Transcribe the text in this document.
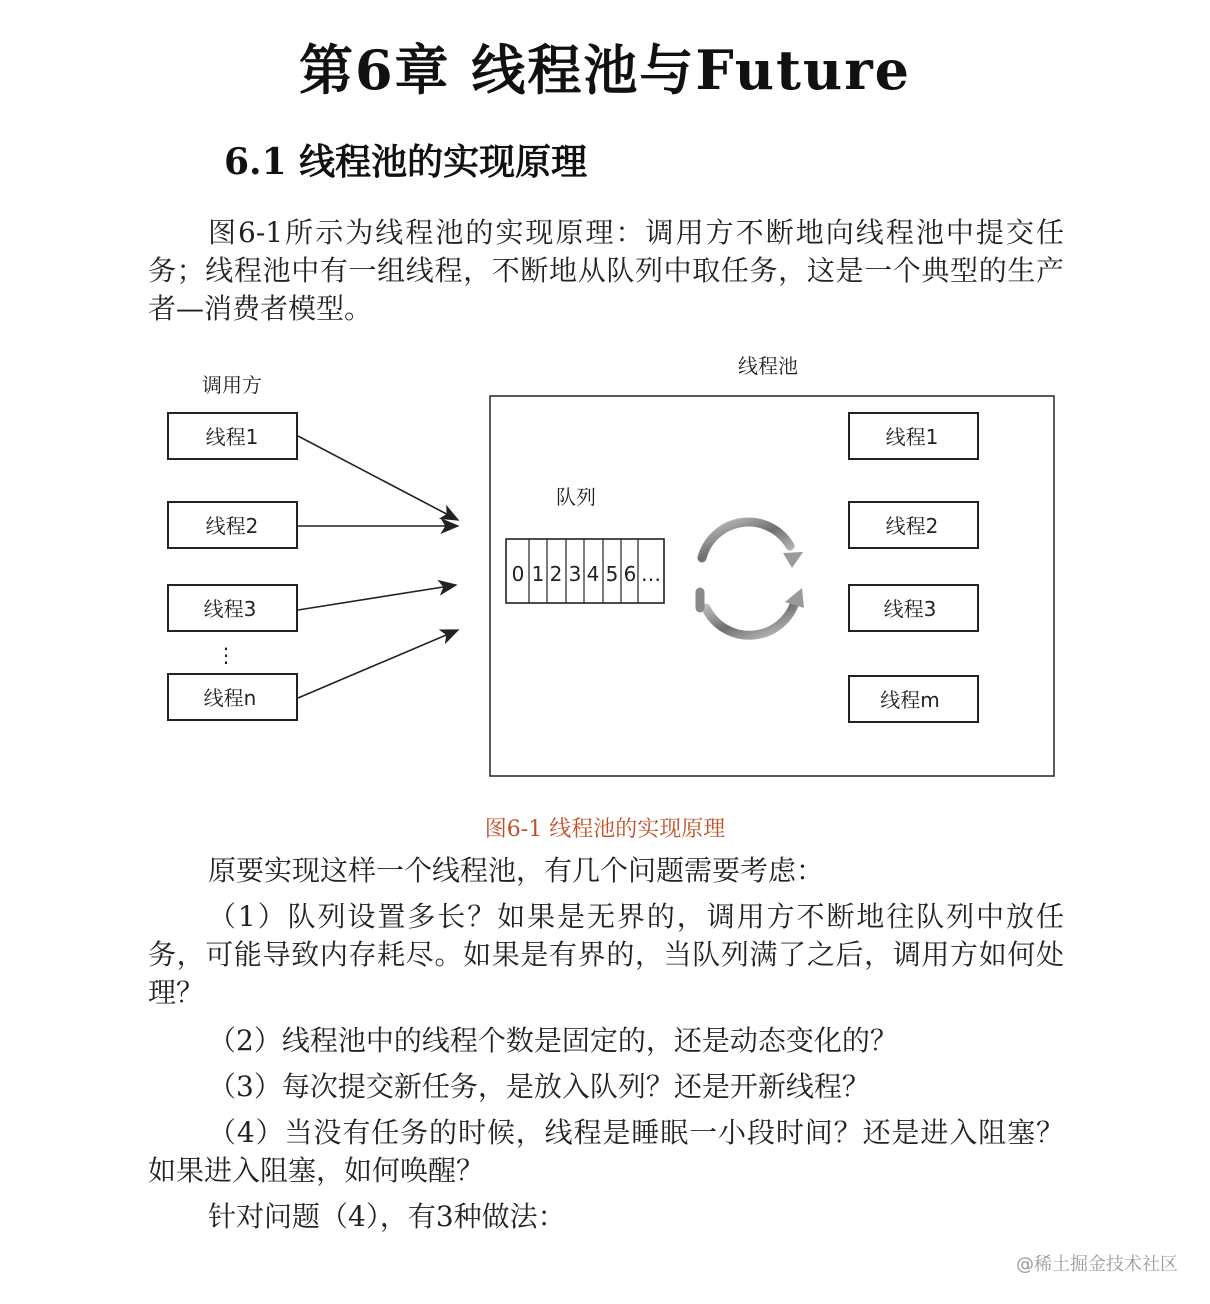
第6章 线程池与Future
6.1 线程池的实现原理

图6-1所示为线程池的实现原理：调用方不断地向线程池中提交任务；线程池中有一组线程，不断地从队列中取任务，这是一个典型的生产者—消费者模型。

调用方
线程1
线程2
线程3
⋮
线程n
线程池
队列
0 1 2 3 4 5 6 …
线程1
线程2
线程3
线程m
图6-1 线程池的实现原理

原要实现这样一个线程池，有几个问题需要考虑：

（1）队列设置多长？如果是无界的，调用方不断地往队列中放任务，可能导致内存耗尽。如果是有界的，当队列满了之后，调用方如何处理？

（2）线程池中的线程个数是固定的，还是动态变化的？

（3）每次提交新任务，是放入队列？还是开新线程？

（4）当没有任务的时候，线程是睡眠一小段时间？还是进入阻塞？如果进入阻塞，如何唤醒？

针对问题（4），有3种做法：

@稀土掘金技术社区
